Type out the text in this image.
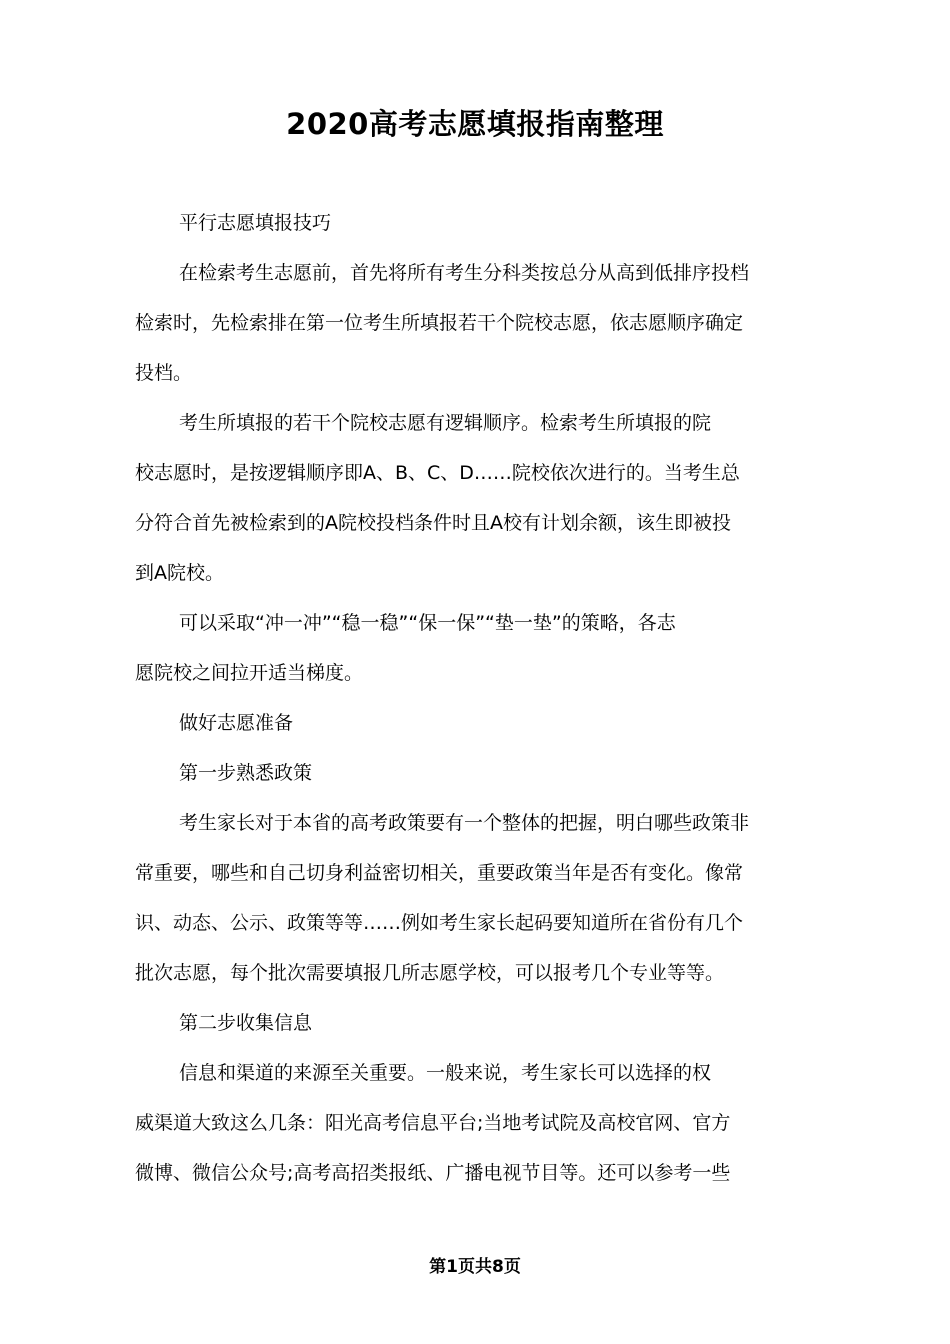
2020高考志愿填报指南整理
平行志愿填报技巧
在检索考生志愿前，首先将所有考生分科类按总分从高到低排序投档
检索时，先检索排在第一位考生所填报若干个院校志愿，依志愿顺序确定
投档。
考生所填报的若干个院校志愿有逻辑顺序。检索考生所填报的院
校志愿时，是按逻辑顺序即A、B、C、D……院校依次进行的。当考生总
分符合首先被检索到的A院校投档条件时且A校有计划余额，该生即被投
到A院校。
可以采取“冲一冲”“稳一稳”“保一保”“垫一垫”的策略，各志
愿院校之间拉开适当梯度。
做好志愿准备
第一步熟悉政策
考生家长对于本省的高考政策要有一个整体的把握，明白哪些政策非
常重要，哪些和自己切身利益密切相关，重要政策当年是否有变化。像常
识、动态、公示、政策等等……例如考生家长起码要知道所在省份有几个
批次志愿，每个批次需要填报几所志愿学校，可以报考几个专业等等。
第二步收集信息
信息和渠道的来源至关重要。一般来说，考生家长可以选择的权
威渠道大致这么几条：阳光高考信息平台;当地考试院及高校官网、官方
微博、微信公众号;高考高招类报纸、广播电视节目等。还可以参考一些
第1页共8页
